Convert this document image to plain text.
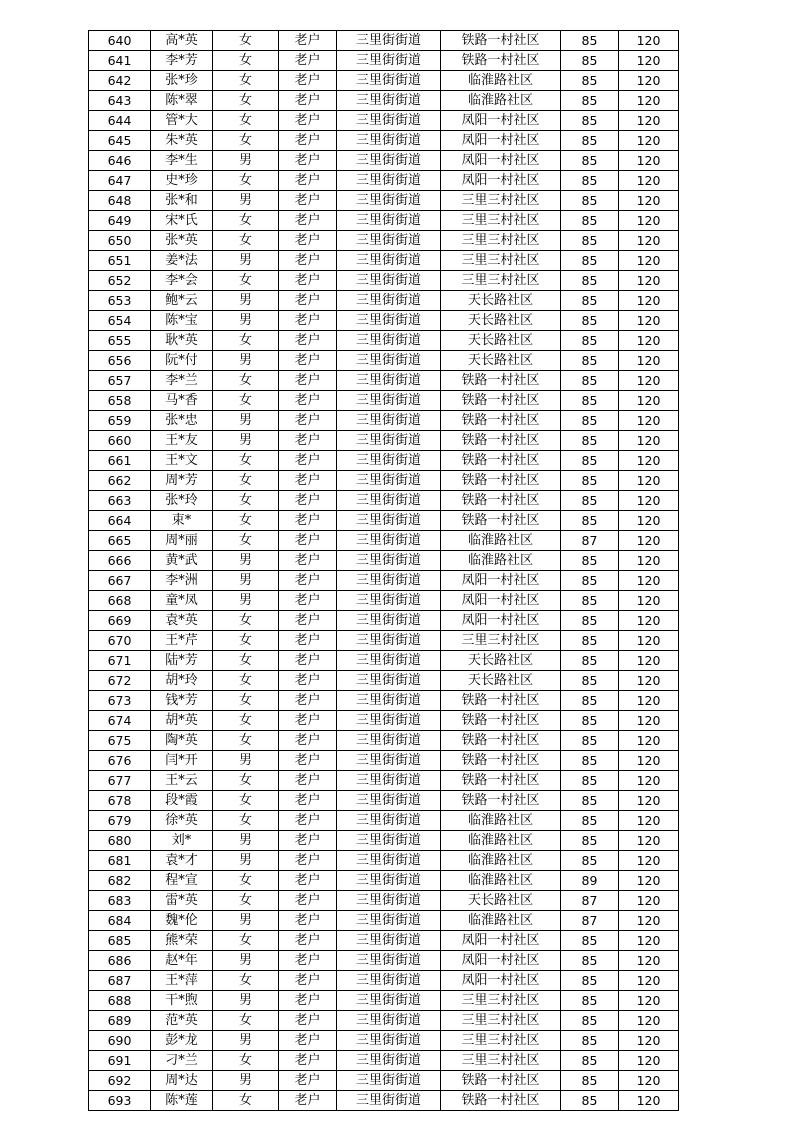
640	高*英	女	老户	三里街街道	铁路一村社区	85	120
641	李*芳	女	老户	三里街街道	铁路一村社区	85	120
642	张*珍	女	老户	三里街街道	临淮路社区	85	120
643	陈*翠	女	老户	三里街街道	临淮路社区	85	120
644	管*大	女	老户	三里街街道	凤阳一村社区	85	120
645	朱*英	女	老户	三里街街道	凤阳一村社区	85	120
646	李*生	男	老户	三里街街道	凤阳一村社区	85	120
647	史*珍	女	老户	三里街街道	凤阳一村社区	85	120
648	张*和	男	老户	三里街街道	三里三村社区	85	120
649	宋*氏	女	老户	三里街街道	三里三村社区	85	120
650	张*英	女	老户	三里街街道	三里三村社区	85	120
651	姜*法	男	老户	三里街街道	三里三村社区	85	120
652	李*会	女	老户	三里街街道	三里三村社区	85	120
653	鲍*云	男	老户	三里街街道	天长路社区	85	120
654	陈*宝	男	老户	三里街街道	天长路社区	85	120
655	耿*英	女	老户	三里街街道	天长路社区	85	120
656	阮*付	男	老户	三里街街道	天长路社区	85	120
657	李*兰	女	老户	三里街街道	铁路一村社区	85	120
658	马*香	女	老户	三里街街道	铁路一村社区	85	120
659	张*忠	男	老户	三里街街道	铁路一村社区	85	120
660	王*友	男	老户	三里街街道	铁路一村社区	85	120
661	王*文	女	老户	三里街街道	铁路一村社区	85	120
662	周*芳	女	老户	三里街街道	铁路一村社区	85	120
663	张*玲	女	老户	三里街街道	铁路一村社区	85	120
664	束*	女	老户	三里街街道	铁路一村社区	85	120
665	周*丽	女	老户	三里街街道	临淮路社区	87	120
666	黄*武	男	老户	三里街街道	临淮路社区	85	120
667	李*洲	男	老户	三里街街道	凤阳一村社区	85	120
668	童*凤	男	老户	三里街街道	凤阳一村社区	85	120
669	袁*英	女	老户	三里街街道	凤阳一村社区	85	120
670	王*芹	女	老户	三里街街道	三里三村社区	85	120
671	陆*芳	女	老户	三里街街道	天长路社区	85	120
672	胡*玲	女	老户	三里街街道	天长路社区	85	120
673	钱*芳	女	老户	三里街街道	铁路一村社区	85	120
674	胡*英	女	老户	三里街街道	铁路一村社区	85	120
675	陶*英	女	老户	三里街街道	铁路一村社区	85	120
676	闫*开	男	老户	三里街街道	铁路一村社区	85	120
677	王*云	女	老户	三里街街道	铁路一村社区	85	120
678	段*霞	女	老户	三里街街道	铁路一村社区	85	120
679	徐*英	女	老户	三里街街道	临淮路社区	85	120
680	刘*	男	老户	三里街街道	临淮路社区	85	120
681	袁*才	男	老户	三里街街道	临淮路社区	85	120
682	程*宣	女	老户	三里街街道	临淮路社区	89	120
683	雷*英	女	老户	三里街街道	天长路社区	87	120
684	魏*伦	男	老户	三里街街道	临淮路社区	87	120
685	熊*荣	女	老户	三里街街道	凤阳一村社区	85	120
686	赵*年	男	老户	三里街街道	凤阳一村社区	85	120
687	王*萍	女	老户	三里街街道	凤阳一村社区	85	120
688	干*煦	男	老户	三里街街道	三里三村社区	85	120
689	范*英	女	老户	三里街街道	三里三村社区	85	120
690	彭*龙	男	老户	三里街街道	三里三村社区	85	120
691	刁*兰	女	老户	三里街街道	三里三村社区	85	120
692	周*达	男	老户	三里街街道	铁路一村社区	85	120
693	陈*莲	女	老户	三里街街道	铁路一村社区	85	120
